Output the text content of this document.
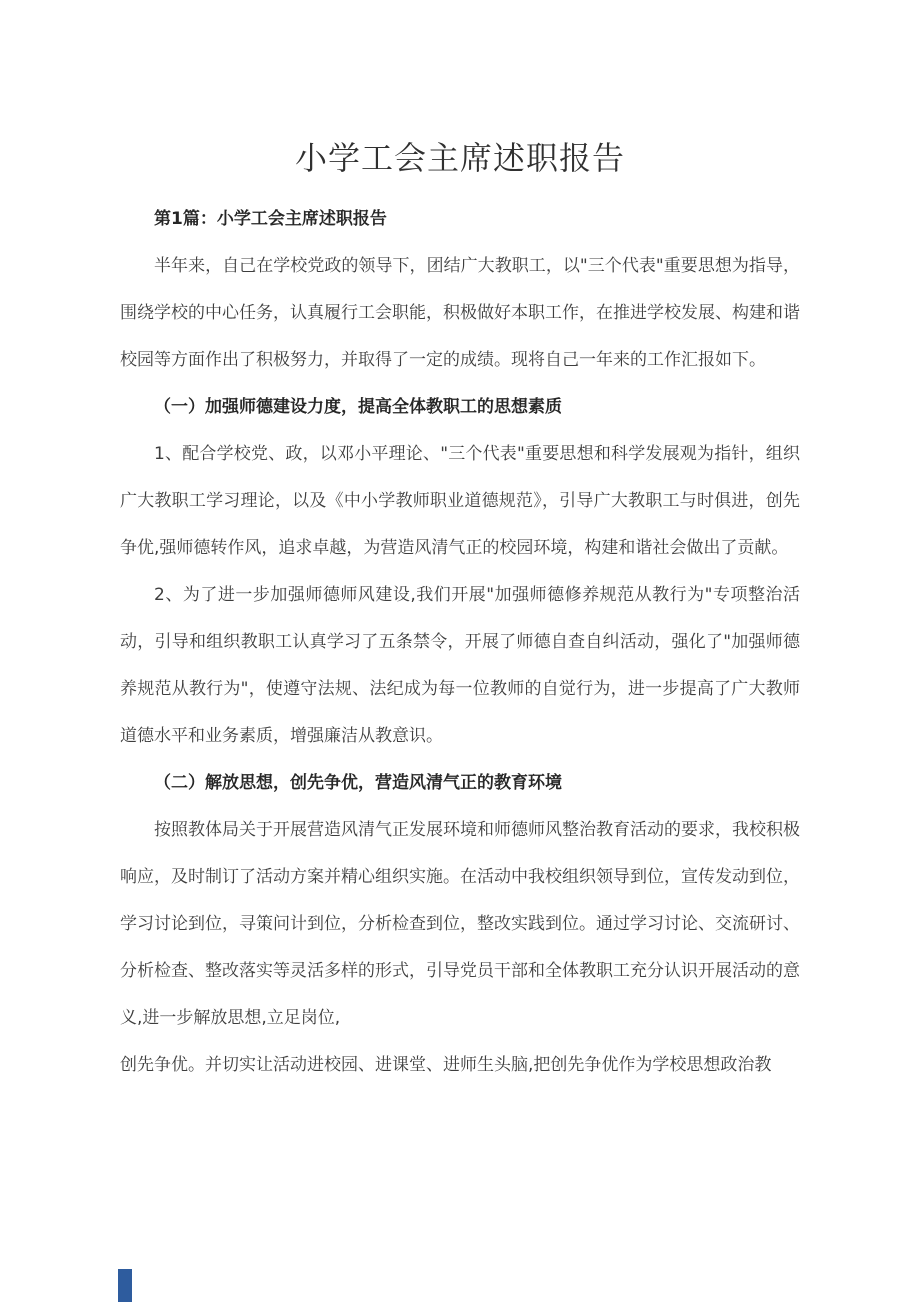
小学工会主席述职报告
第1篇：小学工会主席述职报告
半年来，自己在学校党政的领导下，团结广大教职工，以"三个代表"重要思想为指导，围绕学校的中心任务，认真履行工会职能，积极做好本职工作，在推进学校发展、构建和谐校园等方面作出了积极努力，并取得了一定的成绩。现将自己一年来的工作汇报如下。
（一）加强师德建设力度，提高全体教职工的思想素质
1、配合学校党、政，以邓小平理论、"三个代表"重要思想和科学发展观为指针，组织广大教职工学习理论，以及《中小学教师职业道德规范》，引导广大教职工与时俱进，创先争优,强师德转作风，追求卓越，为营造风清气正的校园环境，构建和谐社会做出了贡献。
2、为了进一步加强师德师风建设,我们开展"加强师德修养规范从教行为"专项整治活动，引导和组织教职工认真学习了五条禁令，开展了师德自查自纠活动，强化了"加强师德养规范从教行为"，使遵守法规、法纪成为每一位教师的自觉行为，进一步提高了广大教师道德水平和业务素质，增强廉洁从教意识。
（二）解放思想，创先争优，营造风清气正的教育环境
按照教体局关于开展营造风清气正发展环境和师德师风整治教育活动的要求，我校积极响应，及时制订了活动方案并精心组织实施。在活动中我校组织领导到位，宣传发动到位，学习讨论到位，寻策问计到位，分析检查到位，整改实践到位。通过学习讨论、交流研讨、分析检查、整改落实等灵活多样的形式，引导党员干部和全体教职工充分认识开展活动的意义,进一步解放思想,立足岗位,
创先争优。并切实让活动进校园、进课堂、进师生头脑,把创先争优作为学校思想政治教
